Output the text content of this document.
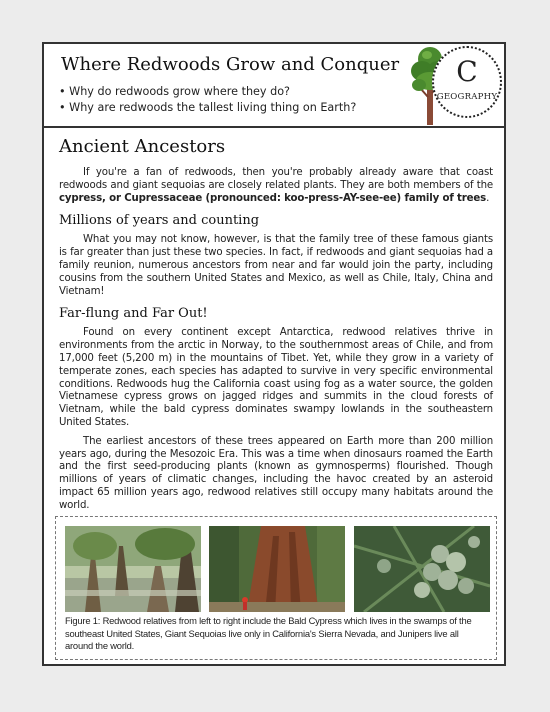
Where Redwoods Grow and Conquer
• Why do redwoods grow where they do?
• Why are redwoods the tallest living thing on Earth?
C
GEOGRAPHY
Ancient Ancestors

If you're a fan of redwoods, then you're probably already aware that coast redwoods and giant sequoias are closely related plants. They are both members of the cypress, or Cupressaceae (pronounced: koo-press-AY-see-ee) family of trees.

Millions of years and counting

What you may not know, however, is that the family tree of these famous giants is far greater than just these two species. In fact, if redwoods and giant sequoias had a family reunion, numerous ancestors from near and far would join the party, including cousins from the southern United States and Mexico, as well as Chile, Italy, China and Vietnam!

Far-flung and Far Out!

Found on every continent except Antarctica, redwood relatives thrive in environments from the arctic in Norway, to the southernmost areas of Chile, and from 17,000 feet (5,200 m) in the mountains of Tibet. Yet, while they grow in a variety of temperate zones, each species has adapted to survive in very specific environmental conditions. Redwoods hug the California coast using fog as a water source, the golden Vietnamese cypress grows on jagged ridges and summits in the cloud forests of Vietnam, while the bald cypress dominates swampy lowlands in the southeastern United States.

The earliest ancestors of these trees appeared on Earth more than 200 million years ago, during the Mesozoic Era. This was a time when dinosaurs roamed the Earth and the first seed-producing plants (known as gymnosperms) flourished. Though millions of years of climatic changes, including the havoc created by an asteroid impact 65 million years ago, redwood relatives still occupy many habitats around the world.

Figure 1: Redwood relatives from left to right include the Bald Cypress which lives in the swamps of the southeast United States, Giant Sequoias live only in California's Sierra Nevada, and Junipers live all around the world.
